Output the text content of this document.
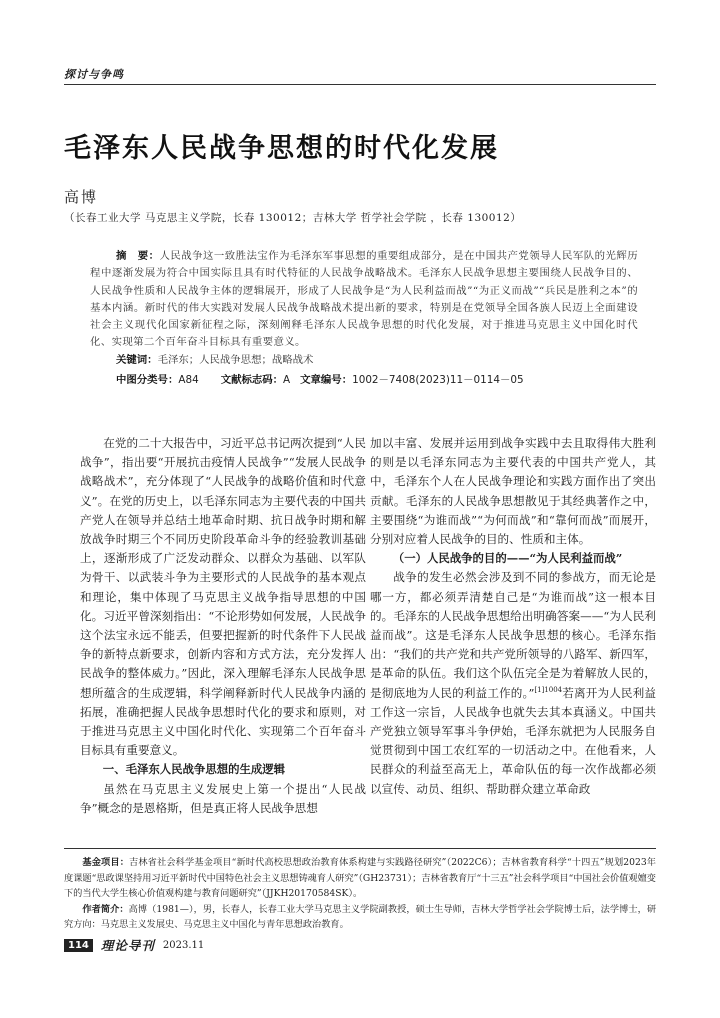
探讨与争鸣
毛泽东人民战争思想的时代化发展
高博
（长春工业大学 马克思主义学院，长春 130012；吉林大学 哲学社会学院 ，长春 130012）
摘　要：人民战争这一致胜法宝作为毛泽东军事思想的重要组成部分，是在中国共产党领导人民军队的光辉历程中逐渐发展为符合中国实际且具有时代特征的人民战争战略战术。毛泽东人民战争思想主要围绕人民战争目的、人民战争性质和人民战争主体的逻辑展开，形成了人民战争是“为人民利益而战”“为正义而战”“兵民是胜利之本”的基本内涵。新时代的伟大实践对发展人民战争战略战术提出新的要求，特别是在党领导全国各族人民迈上全面建设社会主义现代化国家新征程之际，深刻阐释毛泽东人民战争思想的时代化发展，对于推进马克思主义中国化时代化、实现第二个百年奋斗目标具有重要意义。
关键词：毛泽东；人民战争思想；战略战术
中图分类号：A84 文献标志码：A 文章编号：1002－7408(2023)11－0114－05

在党的二十大报告中，习近平总书记两次提到“人民战争”，指出要“开展抗击疫情人民战争”“发展人民战争战略战术”，充分体现了“人民战争的战略价值和时代意义”。在党的历史上，以毛泽东同志为主要代表的中国共产党人在领导并总结土地革命时期、抗日战争时期和解放战争时期三个不同历史阶段革命斗争的经验教训基础上，逐渐形成了广泛发动群众、以群众为基础、以军队为骨干、以武装斗争为主要形式的人民战争的基本观点和理论，集中体现了马克思主义战争指导思想的中国化。习近平曾深刻指出：“不论形势如何发展，人民战争这个法宝永远不能丢，但要把握新的时代条件下人民战争的新特点新要求，创新内容和方式方法，充分发挥人民战争的整体威力。”因此，深入理解毛泽东人民战争思想所蕴含的生成逻辑，科学阐释新时代人民战争内涵的拓展，准确把握人民战争思想时代化的要求和原则，对于推进马克思主义中国化时代化、实现第二个百年奋斗目标具有重要意义。

一、毛泽东人民战争思想的生成逻辑

虽然在马克思主义发展史上第一个提出“人民战争”概念的是恩格斯，但是真正将人民战争思想

加以丰富、发展并运用到战争实践中去且取得伟大胜利的则是以毛泽东同志为主要代表的中国共产党人，其中，毛泽东个人在人民战争理论和实践方面作出了突出贡献。毛泽东的人民战争思想散见于其经典著作之中，主要围绕“为谁而战”“为何而战”和“靠何而战”而展开，分别对应着人民战争的目的、性质和主体。

（一）人民战争的目的——“为人民利益而战”

战争的发生必然会涉及到不同的参战方，而无论是哪一方，都必须弄清楚自己是“为谁而战”这一根本目的。毛泽东的人民战争思想给出明确答案——“为人民利益而战”。这是毛泽东人民战争思想的核心。毛泽东指出：“我们的共产党和共产党所领导的八路军、新四军，是革命的队伍。我们这个队伍完全是为着解放人民的，是彻底地为人民的利益工作的。”$^{[1]1004}$若离开为人民利益工作这一宗旨，人民战争也就失去其本真涵义。中国共产党独立领导军事斗争伊始，毛泽东就把为人民服务自觉贯彻到中国工农红军的一切活动之中。在他看来，人民群众的利益至高无上，革命队伍的每一次作战都必须以宣传、动员、组织、帮助群众建立革命政

基金项目：吉林省社会科学基金项目“新时代高校思想政治教育体系构建与实践路径研究”（2022C6）；吉林省教育科学“十四五”规划2023年度课题“思政课坚持用习近平新时代中国特色社会主义思想铸魂育人研究”（GH23731）；吉林省教育厅“十三五”社会科学项目“中国社会价值观嬗变下的当代大学生核心价值观构建与教育问题研究”（JJKH20170584SK）。

作者简介：高博（1981—），男，长春人，长春工业大学马克思主义学院副教授，硕士生导师，吉林大学哲学社会学院博士后，法学博士，研究方向：马克思主义发展史、马克思主义中国化与青年思想政治教育。

114 理论导刊 2023.11
